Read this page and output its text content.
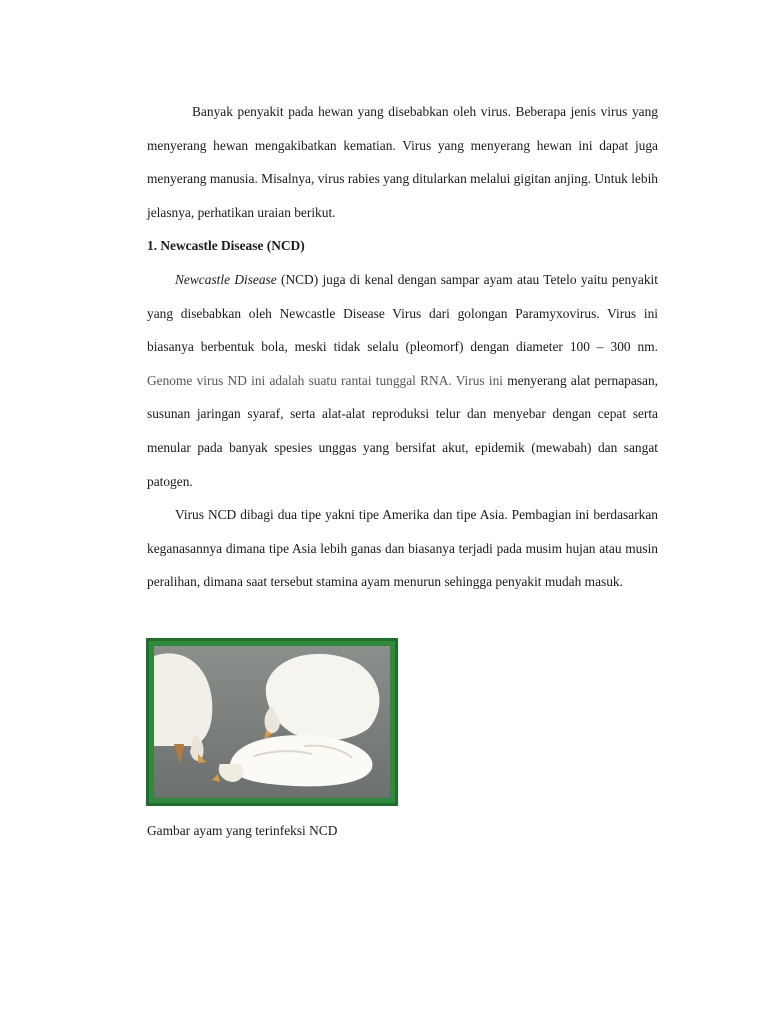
Banyak penyakit pada hewan yang disebabkan oleh virus. Beberapa jenis virus yang menyerang hewan mengakibatkan kematian. Virus yang menyerang hewan ini dapat juga menyerang manusia. Misalnya, virus rabies yang ditularkan melalui gigitan anjing. Untuk lebih jelasnya, perhatikan uraian berikut.

1. Newcastle Disease (NCD)

Newcastle Disease (NCD) juga di kenal dengan sampar ayam atau Tetelo yaitu penyakit yang disebabkan oleh Newcastle Disease Virus dari golongan Paramyxovirus. Virus ini biasanya berbentuk bola, meski tidak selalu (pleomorf) dengan diameter 100 – 300 nm. Genome virus ND ini adalah suatu rantai tunggal RNA. Virus ini menyerang alat pernapasan, susunan jaringan syaraf, serta alat-alat reproduksi telur dan menyebar dengan cepat serta menular pada banyak spesies unggas yang bersifat akut, epidemik (mewabah) dan sangat patogen.

Virus NCD dibagi dua tipe yakni tipe Amerika dan tipe Asia. Pembagian ini berdasarkan keganasannya dimana tipe Asia lebih ganas dan biasanya terjadi pada musim hujan atau musin peralihan, dimana saat tersebut stamina ayam menurun sehingga penyakit mudah masuk.

Gambar ayam yang terinfeksi NCD
